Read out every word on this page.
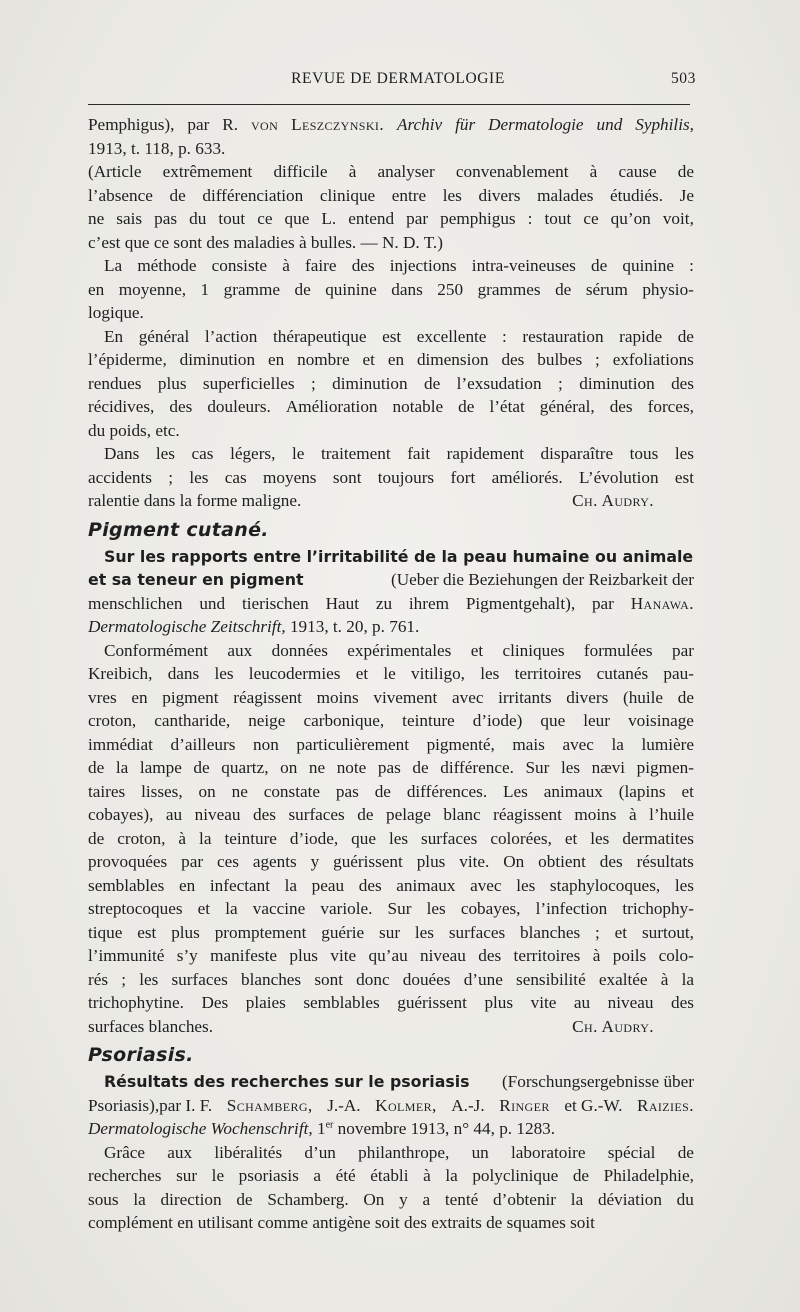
REVUE DE DERMATOLOGIE	503
Pemphigus), par R. von Leszczynski. Archiv für Dermatologie und Syphilis,
1913, t. 118, p. 633.
(Article extrêmement difficile à analyser convenablement à cause de
l’absence de différenciation clinique entre les divers malades étudiés. Je
ne sais pas du tout ce que L. entend par pemphigus : tout ce qu’on voit,
c’est que ce sont des maladies à bulles. — N. D. T.)
La méthode consiste à faire des injections intra-veineuses de quinine :
en moyenne, 1 gramme de quinine dans 250 grammes de sérum physio-
logique.
En général l’action thérapeutique est excellente : restauration rapide de
l’épiderme, diminution en nombre et en dimension des bulbes ; exfoliations
rendues plus superficielles ; diminution de l’exsudation ; diminution des
récidives, des douleurs. Amélioration notable de l’état général, des forces,
du poids, etc.
Dans les cas légers, le traitement fait rapidement disparaître tous les
accidents ; les cas moyens sont toujours fort améliorés. L’évolution est
ralentie dans la forme maligne.	Ch. Audry.
Pigment cutané.
Sur les rapports entre l’irritabilité de la peau humaine ou animale
et sa teneur en pigment	(Ueber die Beziehungen der Reizbarkeit der
menschlichen und tierischen Haut zu ihrem Pigmentgehalt), par Hanawa.
Dermatologische Zeitschrift,
1913, t. 20, p. 761.
Conformément aux données expérimentales et cliniques formulées par
Kreibich, dans les leucodermies et le vitiligo, les territoires cutanés pau-
vres en pigment réagissent moins vivement avec irritants divers (huile de
croton, cantharide, neige carbonique, teinture d’iode) que leur voisinage
immédiat d’ailleurs non particulièrement pigmenté, mais avec la lumière
de la lampe de quartz, on ne note pas de différence. Sur les nævi pigmen-
taires lisses, on ne constate pas de différences. Les animaux (lapins et
cobayes), au niveau des surfaces de pelage blanc réagissent moins à l’huile
de croton, à la teinture d’iode, que les surfaces colorées, et les dermatites
provoquées par ces agents y guérissent plus vite. On obtient des résultats
semblables en infectant la peau des animaux avec les staphylocoques, les
streptocoques et la vaccine variole. Sur les cobayes, l’infection trichophy-
tique est plus promptement guérie sur les surfaces blanches ; et surtout,
l’immunité s’y manifeste plus vite qu’au niveau des territoires à poils colo-
rés ; les surfaces blanches sont donc douées d’une sensibilité exaltée à la
trichophytine. Des plaies semblables guérissent plus vite au niveau des
surfaces blanches.	Ch. Audry.
Psoriasis.
Résultats des recherches sur le psoriasis (Forschungsergebnisse über
Psoriasis),par I. F. Schamberg, J.-A. Kolmer, A.-J. Ringer et G.-W. Raizies.
Dermatologische Wochenschrift,
1er
novembre 1913, n° 44, p. 1283.
Grâce aux libéralités d’un philanthrope, un laboratoire spécial de
recherches sur le psoriasis a été établi à la polyclinique de Philadelphie,
sous la direction de Schamberg. On y a tenté d’obtenir la déviation du
complément en utilisant comme antigène soit des extraits de squames soit
